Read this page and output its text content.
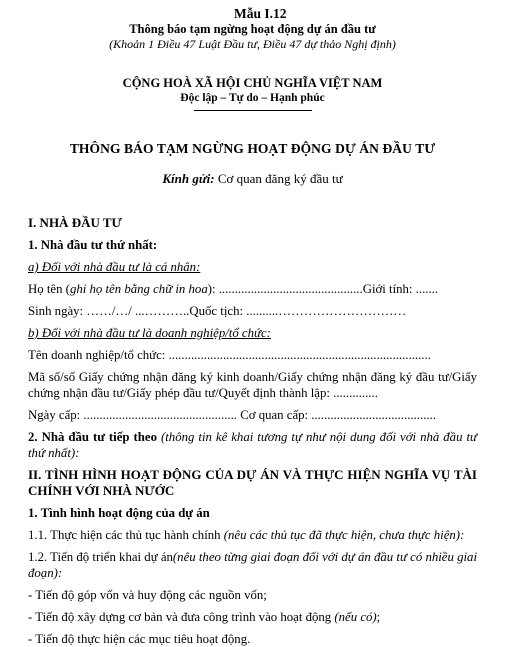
Mẫu I.12
Thông báo tạm ngừng hoạt động dự án đầu tư
(Khoản 1 Điều 47 Luật Đầu tư, Điều 47 dự thảo Nghị định)
CỘNG HOÀ XÃ HỘI CHỦ NGHĨA VIỆT NAM
Độc lập – Tự do – Hạnh phúc
THÔNG BÁO TẠM NGỪNG HOẠT ĐỘNG DỰ ÁN ĐẦU TƯ
Kính gửi: Cơ quan đăng ký đầu tư
I. NHÀ ĐẦU TƯ
1. Nhà đầu tư thứ nhất:
a) Đối với nhà đầu tư là cá nhân:
Họ tên (ghi họ tên bằng chữ in hoa): .............................................Giới tính: .......
Sinh ngày: ……/…/ ...………..Quốc tịch: ..........…………………………
b) Đối với nhà đầu tư là doanh nghiệp/tổ chức:
Tên doanh nghiệp/tổ chức: ..................................................................................
Mã số/số Giấy chứng nhận đăng ký kinh doanh/Giấy chứng nhận đăng ký đầu tư/Giấy chứng nhận đầu tư/Giấy phép đầu tư/Quyết định thành lập: ..............
Ngày cấp: ................................................ Cơ quan cấp: .......................................
2. Nhà đầu tư tiếp theo (thông tin kê khai tương tự như nội dung đối với nhà đầu tư thứ nhất):
II. TÌNH HÌNH HOẠT ĐỘNG CỦA DỰ ÁN VÀ THỰC HIỆN NGHĨA VỤ TÀI CHÍNH VỚI NHÀ NƯỚC
1. Tình hình hoạt động của dự án
1.1. Thực hiện các thủ tục hành chính (nêu các thủ tục đã thực hiện, chưa thực hiện):
1.2. Tiến độ triển khai dự án(nêu theo từng giai đoạn đối với dự án đầu tư có nhiều giai đoạn):
- Tiến độ góp vốn và huy động các nguồn vốn;
- Tiến độ xây dựng cơ bản và đưa công trình vào hoạt động (nếu có);
- Tiến độ thực hiện các mục tiêu hoạt động.
